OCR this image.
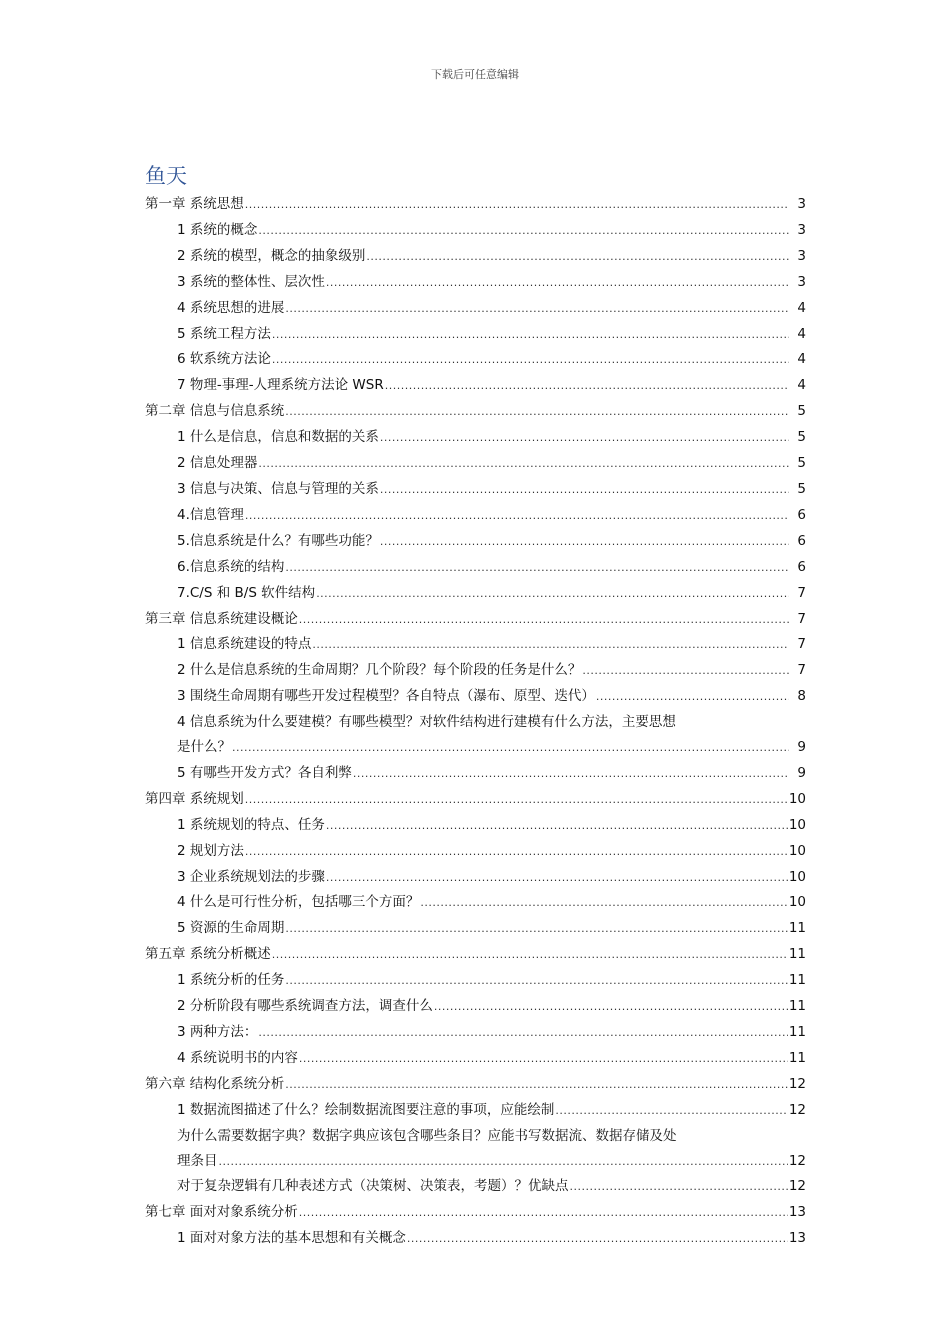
下载后可任意编辑
鱼天
第一章 系统思想 .....	3
1 系统的概念 .....	3
2 系统的模型，概念的抽象级别 .....	3
3 系统的整体性、层次性 .....	3
4 系统思想的进展 .....	4
5 系统工程方法 .....	4
6 软系统方法论 .....	4
7 物理-事理-人理系统方法论 WSR .....	4
第二章 信息与信息系统 .....	5
1 什么是信息，信息和数据的关系 .....	5
2 信息处理器 .....	5
3 信息与决策、信息与管理的关系 .....	5
4.信息管理 .....	6
5.信息系统是什么？有哪些功能？ .....	6
6.信息系统的结构 .....	6
7.C/S 和 B/S 软件结构 .....	7
第三章 信息系统建设概论 .....	7
1 信息系统建设的特点 .....	7
2 什么是信息系统的生命周期？几个阶段？每个阶段的任务是什么？ .....	7
3 围绕生命周期有哪些开发过程模型？各自特点（瀑布、原型、迭代） .....	8
4 信息系统为什么要建模？有哪些模型？对软件结构进行建模有什么方法，主要思想
是什么？ .....	9
5 有哪些开发方式？各自利弊 .....	9
第四章 系统规划 .....	10
1 系统规划的特点、任务 .....	10
2 规划方法 .....	10
3 企业系统规划法的步骤 .....	10
4 什么是可行性分析，包括哪三个方面？ .....	10
5 资源的生命周期 .....	11
第五章 系统分析概述 .....	11
1 系统分析的任务 .....	11
2 分析阶段有哪些系统调查方法，调查什么 .....	11
3 两种方法： .....	11
4 系统说明书的内容 .....	11
第六章 结构化系统分析 .....	12
1 数据流图描述了什么？绘制数据流图要注意的事项，应能绘制 .....	12
为什么需要数据字典？数据字典应该包含哪些条目？应能书写数据流、数据存储及处
理条目 .....	12
对于复杂逻辑有几种表述方式（决策树、决策表，考题）？优缺点 .....	12
第七章 面对对象系统分析 .....	13
1 面对对象方法的基本思想和有关概念 .....	13
